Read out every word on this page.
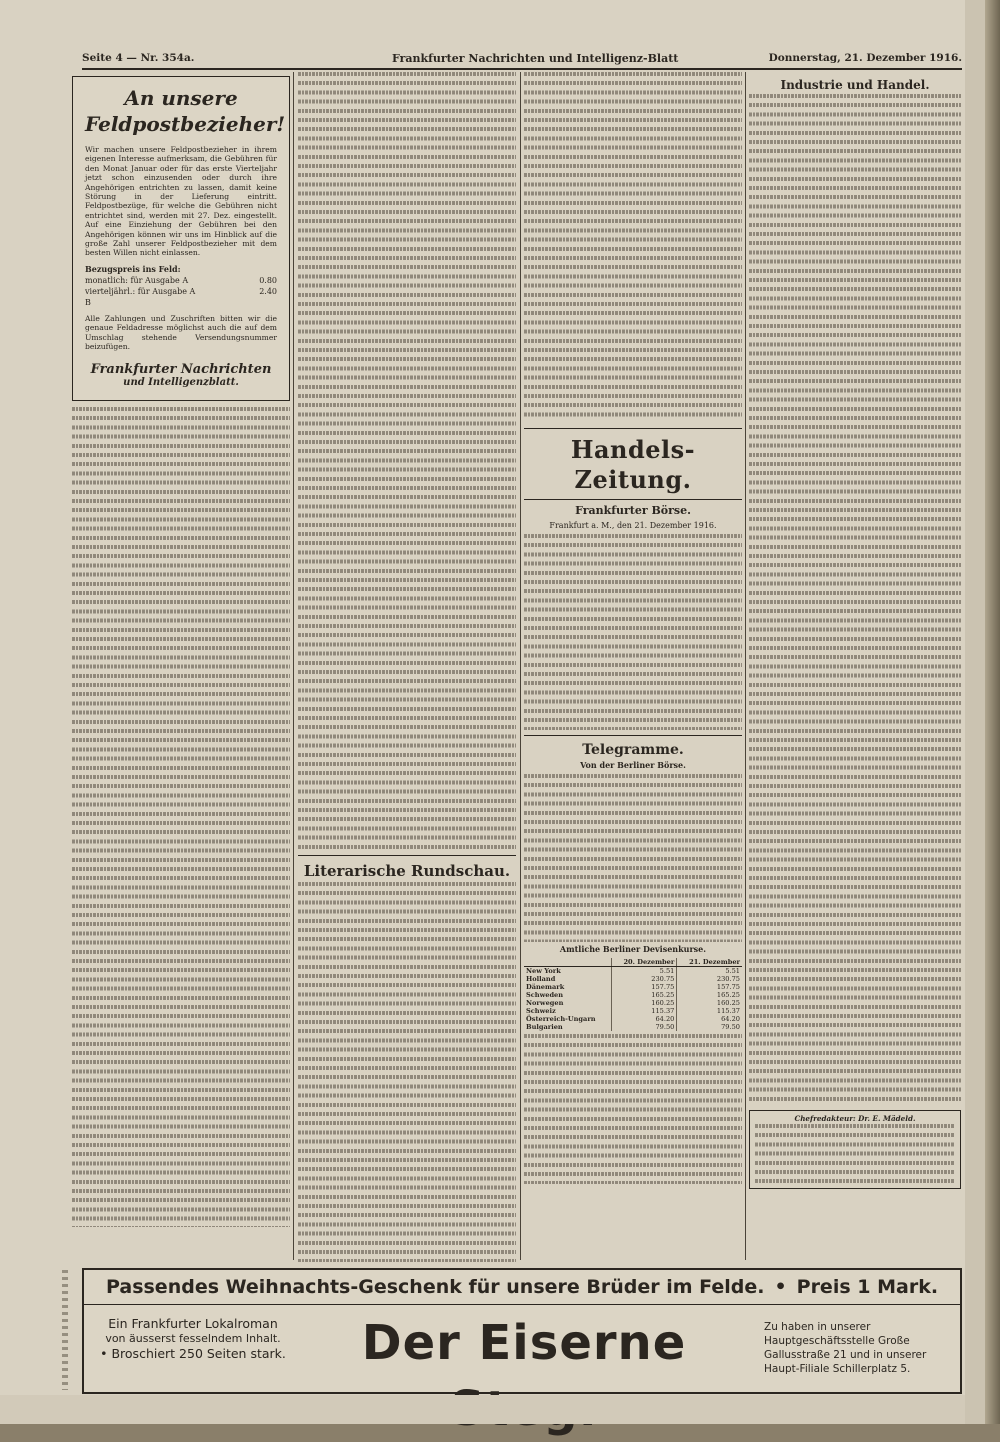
Seite 4 — Nr. 354a.	Frankfurter Nachrichten und Intelligenz-Blatt	Donnerstag, 21. Dezember 1916.
An unsere
Feldpostbezieher!
Wir machen unsere Feldpostbezieher in ihrem eigenen Interesse aufmerksam, die Gebühren für den Monat Januar oder für das erste Vierteljahr jetzt schon einzusenden oder durch ihre Angehörigen entrichten zu lassen, damit keine Störung in der Lieferung eintritt. Feldpostbezüge, für welche die Gebühren nicht entrichtet sind, werden mit 27. Dez. eingestellt. Auf eine Einziehung der Gebühren bei den Angehörigen können wir uns im Hinblick auf die große Zahl unserer Feldpostbezieher mit dem besten Willen nicht einlassen.
Bezugspreis ins Feld:
monatlich: für Ausgabe A	0.80
vierteljährl.: für Ausgabe A	2.40
B
Alle Zahlungen und Zuschriften bitten wir die genaue Feldadresse möglichst auch die auf dem Umschlag stehende Versendungsnummer beizufügen.
Frankfurter Nachrichten
und Intelligenzblatt.
Literarische Rundschau.
Handels-Zeitung.
Frankfurter Börse.
Frankfurt a. M., den 21. Dezember 1916.
Telegramme.
Von der Berliner Börse.
Amtliche Berliner Devisenkurse.
	20. Dezember	21. Dezember
New York	5.51	5.51
Holland	230.75	230.75
Dänemark	157.75	157.75
Schweden	165.25	165.25
Norwegen	160.25	160.25
Schweiz	115.37	115.37
Österreich-Ungarn	64.20	64.20
Bulgarien	79.50	79.50
Industrie und Handel.
Chefredakteur: Dr. E. Mädeld.
Passendes Weihnachts-Geschenk für unsere Brüder im Felde. • Preis 1 Mark.
Ein Frankfurter Lokalroman
von äusserst fesselndem Inhalt.
• Broschiert 250 Seiten stark.	Der Eiserne	Zu haben in unserer Hauptgeschäftsstelle Große Gallusstraße 21 und in unserer Haupt-Filiale Schillerplatz 5.
